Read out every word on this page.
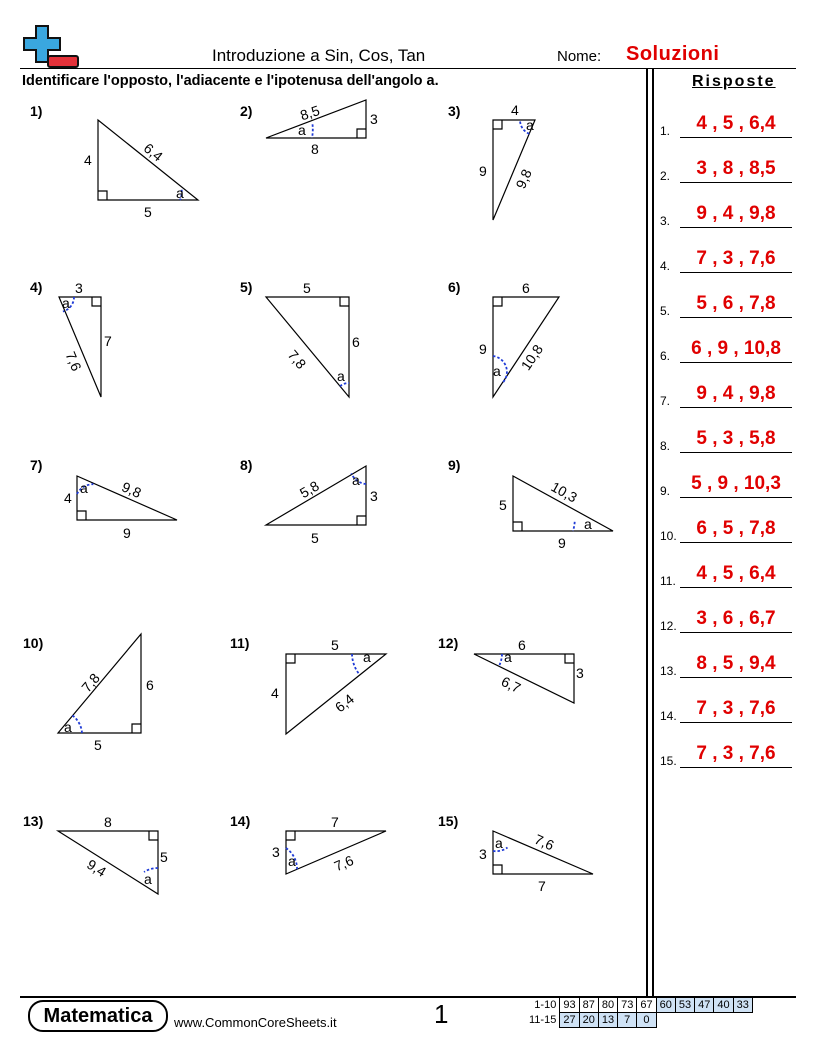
Introduzione a Sin, Cos, Tan	Nome: Soluzioni
Identificare l'opposto, l'adiacente e l'ipotenusa dell'angolo a.	Risposte
1.	4 , 5 , 6,4
2.	3 , 8 , 8,5
3.	9 , 4 , 9,8
4.	7 , 3 , 7,6
5.	5 , 6 , 7,8
6.	6 , 9 , 10,8
7.	9 , 4 , 9,8
8.	5 , 3 , 5,8
9.	5 , 9 , 10,3
10.	6 , 5 , 7,8
11.	4 , 5 , 6,4
12.	3 , 6 , 6,7
13.	8 , 5 , 9,4
14.	7 , 3 , 7,6
15.	7 , 3 , 7,6
1)	2)	3)
4)	5)	6)
7)	8)	9)
10)	11)	12)
13)	14)	15)
4	6,4
5
a
8,5	3
8
a
4
9 9,8
a
3
7
7,6
a
5
6
7,8
a
6
9 10,8
a
4	9,8
9
a	5,8	3
5
a
5	10,3
9
a
7,8	6
5
a
5
4	6,4
a
6
3
6,7
a
8
5
9,4 a
7
3	7,6
a	3
7,6
7
a
Matematica	www.CommonCoreSheets.it	1	1-10	93	87	80	73	67	60	53	47	40	33
11-15	27	20	13	7	0					
